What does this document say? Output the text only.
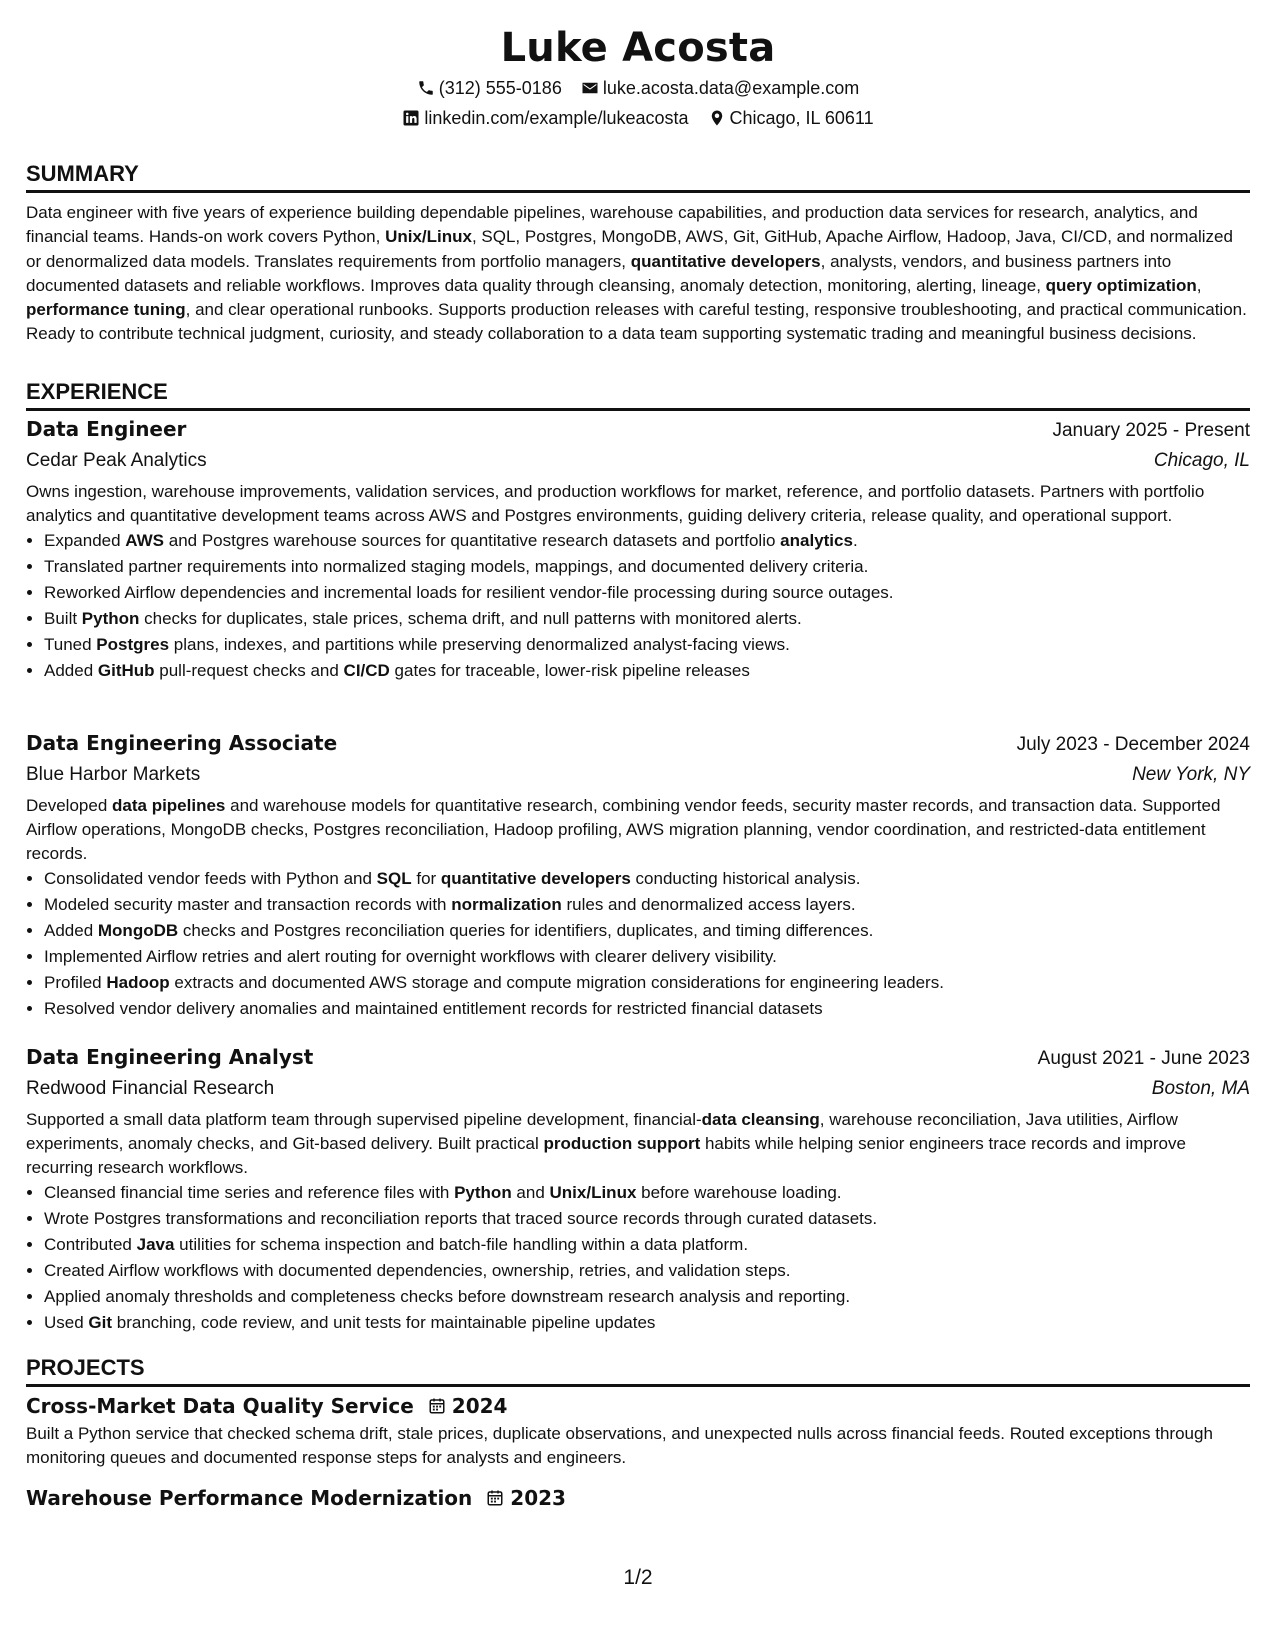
Luke Acosta
(312) 555-0186
luke.acosta.data@example.com
linkedin.com/example/lukeacosta
Chicago, IL 60611
SUMMARY

Data engineer with five years of experience building dependable pipelines, warehouse capabilities, and production data services for research, analytics, and financial teams. Hands-on work covers Python, Unix/Linux, SQL, Postgres, MongoDB, AWS, Git, GitHub, Apache Airflow, Hadoop, Java, CI/CD, and normalized or denormalized data models. Translates requirements from portfolio managers, quantitative developers, analysts, vendors, and business partners into documented datasets and reliable workflows. Improves data quality through cleansing, anomaly detection, monitoring, alerting, lineage, query optimization, performance tuning, and clear operational runbooks. Supports production releases with careful testing, responsive troubleshooting, and practical communication. Ready to contribute technical judgment, curiosity, and steady collaboration to a data team supporting systematic trading and meaningful business decisions.

EXPERIENCE
Data Engineer	January 2025 - Present
Cedar Peak Analytics	Chicago, IL
Owns ingestion, warehouse improvements, validation services, and production workflows for market, reference, and portfolio datasets. Partners with portfolio analytics and quantitative development teams across AWS and Postgres environments, guiding delivery criteria, release quality, and operational support.
• Expanded AWS and Postgres warehouse sources for quantitative research datasets and portfolio analytics.
• Translated partner requirements into normalized staging models, mappings, and documented delivery criteria.
• Reworked Airflow dependencies and incremental loads for resilient vendor-file processing during source outages.
• Built Python checks for duplicates, stale prices, schema drift, and null patterns with monitored alerts.
• Tuned Postgres plans, indexes, and partitions while preserving denormalized analyst-facing views.
• Added GitHub pull-request checks and CI/CD gates for traceable, lower-risk pipeline releases
Data Engineering Associate	July 2023 - December 2024
Blue Harbor Markets	New York, NY
Developed data pipelines and warehouse models for quantitative research, combining vendor feeds, security master records, and transaction data. Supported Airflow operations, MongoDB checks, Postgres reconciliation, Hadoop profiling, AWS migration planning, vendor coordination, and restricted-data entitlement records.
• Consolidated vendor feeds with Python and SQL for quantitative developers conducting historical analysis.
• Modeled security master and transaction records with normalization rules and denormalized access layers.
• Added MongoDB checks and Postgres reconciliation queries for identifiers, duplicates, and timing differences.
• Implemented Airflow retries and alert routing for overnight workflows with clearer delivery visibility.
• Profiled Hadoop extracts and documented AWS storage and compute migration considerations for engineering leaders.
• Resolved vendor delivery anomalies and maintained entitlement records for restricted financial datasets
Data Engineering Analyst	August 2021 - June 2023
Redwood Financial Research	Boston, MA
Supported a small data platform team through supervised pipeline development, financial-data cleansing, warehouse reconciliation, Java utilities, Airflow experiments, anomaly checks, and Git-based delivery. Built practical production support habits while helping senior engineers trace records and improve recurring research workflows.
• Cleansed financial time series and reference files with Python and Unix/Linux before warehouse loading.
• Wrote Postgres transformations and reconciliation reports that traced source records through curated datasets.
• Contributed Java utilities for schema inspection and batch-file handling within a data platform.
• Created Airflow workflows with documented dependencies, ownership, retries, and validation steps.
• Applied anomaly thresholds and completeness checks before downstream research analysis and reporting.
• Used Git branching, code review, and unit tests for maintainable pipeline updates
PROJECTS
Cross-Market Data Quality Service 2024
Built a Python service that checked schema drift, stale prices, duplicate observations, and unexpected nulls across financial feeds. Routed exceptions through monitoring queues and documented response steps for analysts and engineers.
Warehouse Performance Modernization 2023
1/2
